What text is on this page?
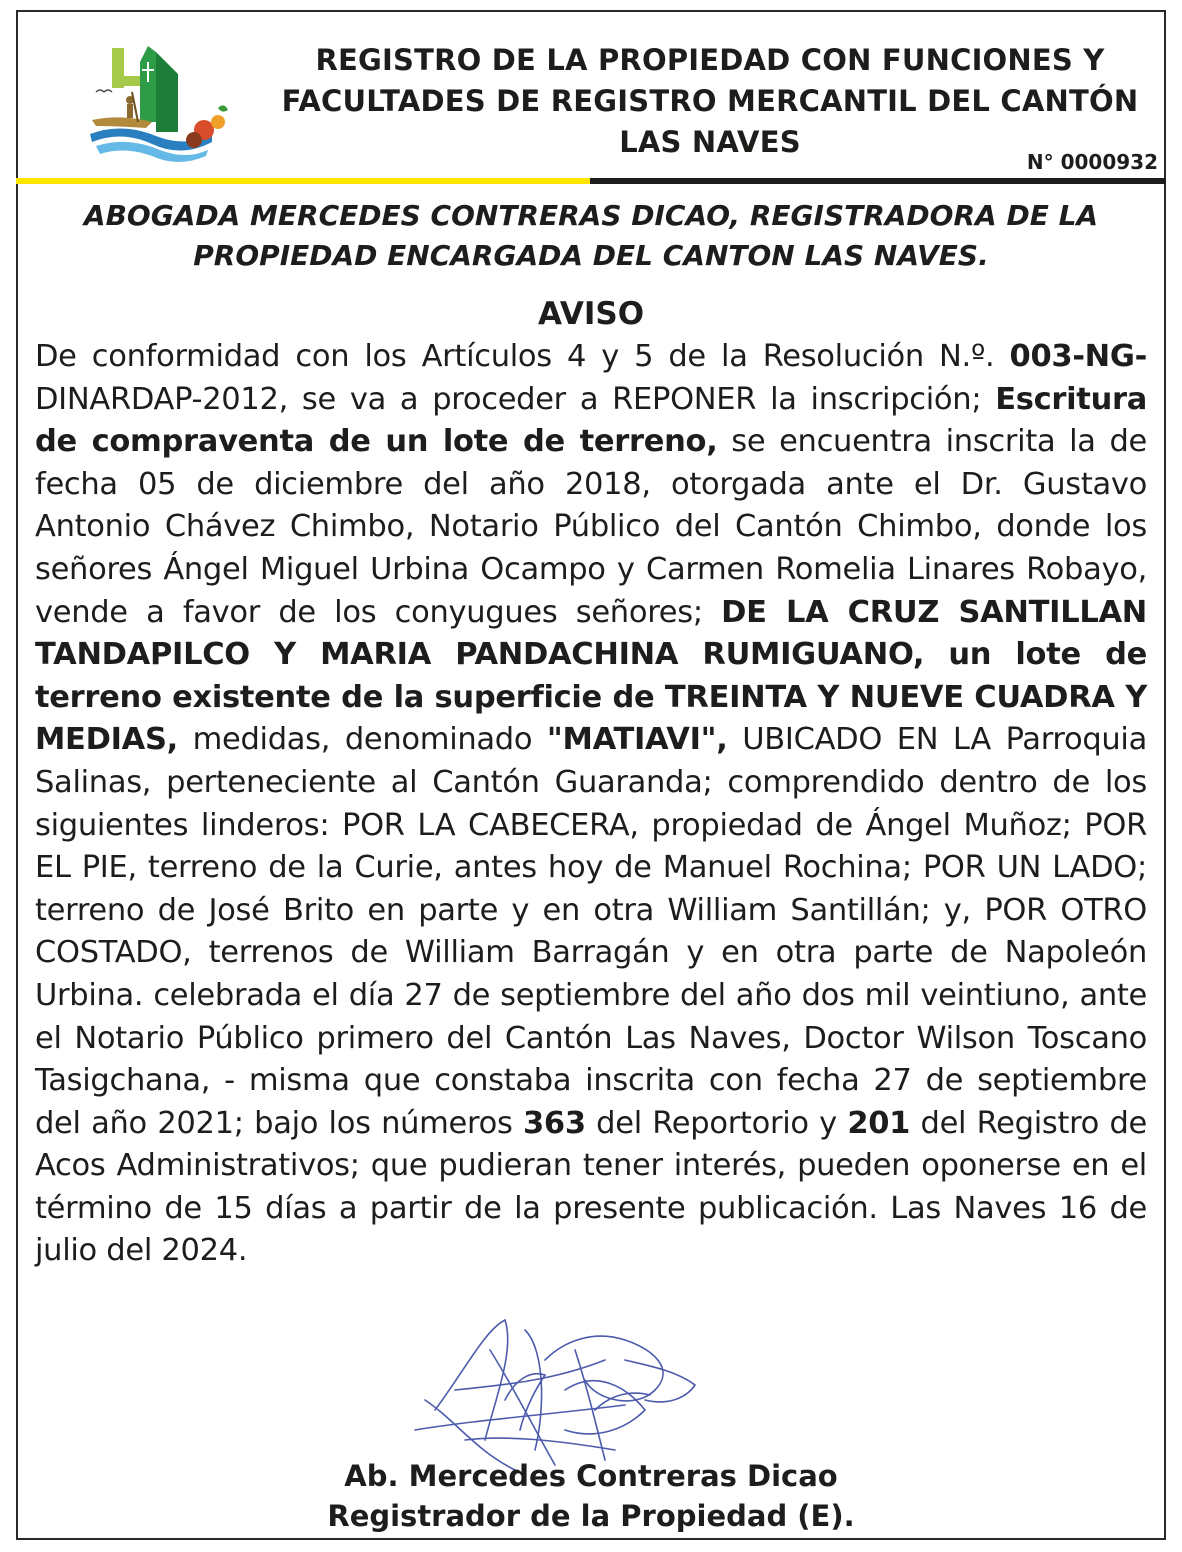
REGISTRO DE LA PROPIEDAD CON FUNCIONES Y FACULTADES DE REGISTRO MERCANTIL DEL CANTÓN LAS NAVES
N° 0000932
ABOGADA MERCEDES CONTRERAS DICAO, REGISTRADORA DE LA PROPIEDAD ENCARGADA DEL CANTON LAS NAVES.
AVISO
De conformidad con los Artículos 4 y 5 de la Resolución N.º. 003-NG- DINARDAP-2012, se va a proceder a REPONER la inscripción; Escritura de compraventa de un lote de terreno, se encuentra inscrita la de fecha 05 de diciembre del año 2018, otorgada ante el Dr. Gustavo Antonio Chávez Chimbo, Notario Público del Cantón Chimbo, donde los señores Ángel Miguel Urbina Ocampo y Carmen Romelia Linares Robayo, vende a favor de los conyugues señores; DE LA CRUZ SANTILLAN TANDAPILCO Y MARIA PANDACHINA RUMIGUANO, un lote de terreno existente de la superficie de TREINTA Y NUEVE CUADRA Y MEDIAS, medidas, denominado "MATIAVI", UBICADO EN LA Parroquia Salinas, perteneciente al Cantón Guaranda; comprendido dentro de los siguientes linderos: POR LA CABECERA, propiedad de Ángel Muñoz; POR EL PIE, terreno de la Curie, antes hoy de Manuel Rochina; POR UN LADO; terreno de José Brito en parte y en otra William Santillán; y, POR OTRO COSTADO, terrenos de William Barragán y en otra parte de Napoleón Urbina. celebrada el día 27 de septiembre del año dos mil veintiuno, ante el Notario Público primero del Cantón Las Naves, Doctor Wilson Toscano Tasigchana, - misma que constaba inscrita con fecha 27 de septiembre del año 2021; bajo los números 363 del Reportorio y 201 del Registro de Acos Administrativos; que pudieran tener interés, pueden oponerse en el término de 15 días a partir de la presente publicación. Las Naves 16 de julio del 2024.
Ab. Mercedes Contreras Dicao
Registrador de la Propiedad (E).
